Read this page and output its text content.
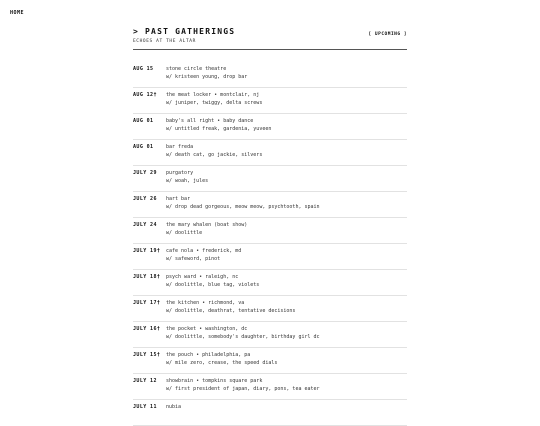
HOME
> PAST GATHERINGS
ECHOES AT THE ALTAR
[ UPCOMING ]
AUG 15	stone circle theatre
w/ kristeen young, drop bar
AUG 12†	the meat locker • montclair, nj
w/ juniper, twiggy, delta screws
AUG 01	baby's all right • baby dance
w/ untitled freak, gardenia, yuveen
AUG 01	bar freda
w/ death cat, go jackie, silvers
JULY 29	purgatory
w/ woah, jules
JULY 26	hart bar
w/ drop dead gorgeous, meow meow, psychtooth, spain
JULY 24	the mary whalen (boat show)
w/ doolittle
JULY 19†	cafe nola • frederick, md
w/ safeword, pinot
JULY 18†	psych ward • raleigh, nc
w/ doolittle, blue tag, violets
JULY 17†	the kitchen • richmond, va
w/ doolittle, deathrat, tentative decisions
JULY 16†	the pocket • washington, dc
w/ doolittle, somebody's daughter, birthday girl dc
JULY 15†	the pouch • philadelphia, pa
w/ mile zero, crease, the speed dials
JULY 12	showbrain • tompkins square park
w/ first president of japan, diary, pons, tea eater
JULY 11	nubia
